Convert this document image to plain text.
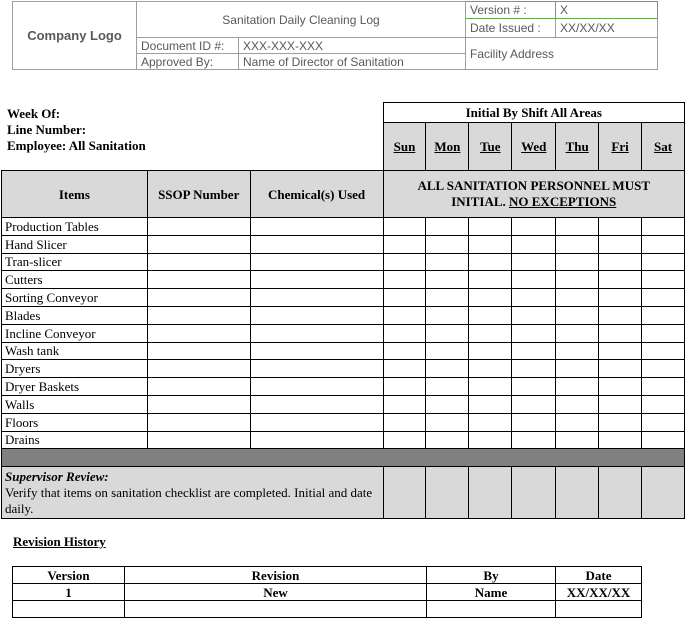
Company Logo	Sanitation Daily Cleaning Log		Version # :	X
			Date Issued :	XX/XX/XX
	Document ID #:	XXX-XXX-XXX	Facility Address	
	Approved By:	Name of Director of Sanitation		
			Initial By Shift All Areas						
			Sun	Mon	Tue	Wed	Thu	Fri	Sat
Items	SSOP Number	Chemical(s) Used	ALL SANITATION PERSONNEL MUST
INITIAL. NO EXCEPTIONS						
Production Tables									
Hand Slicer									
Tran-slicer									
Cutters									
Sorting Conveyor									
Blades									
Incline Conveyor									
Wash tank									
Dryers									
Dryer Baskets									
Walls									
Floors									
Drains									

Supervisor Review:
Verify that items on sanitation checklist are completed. Initial and date daily.									
Week Of:
Line Number:
Employee: All Sanitation
Revision History
Version	Revision	By	Date
1	New	Name	XX/XX/XX
